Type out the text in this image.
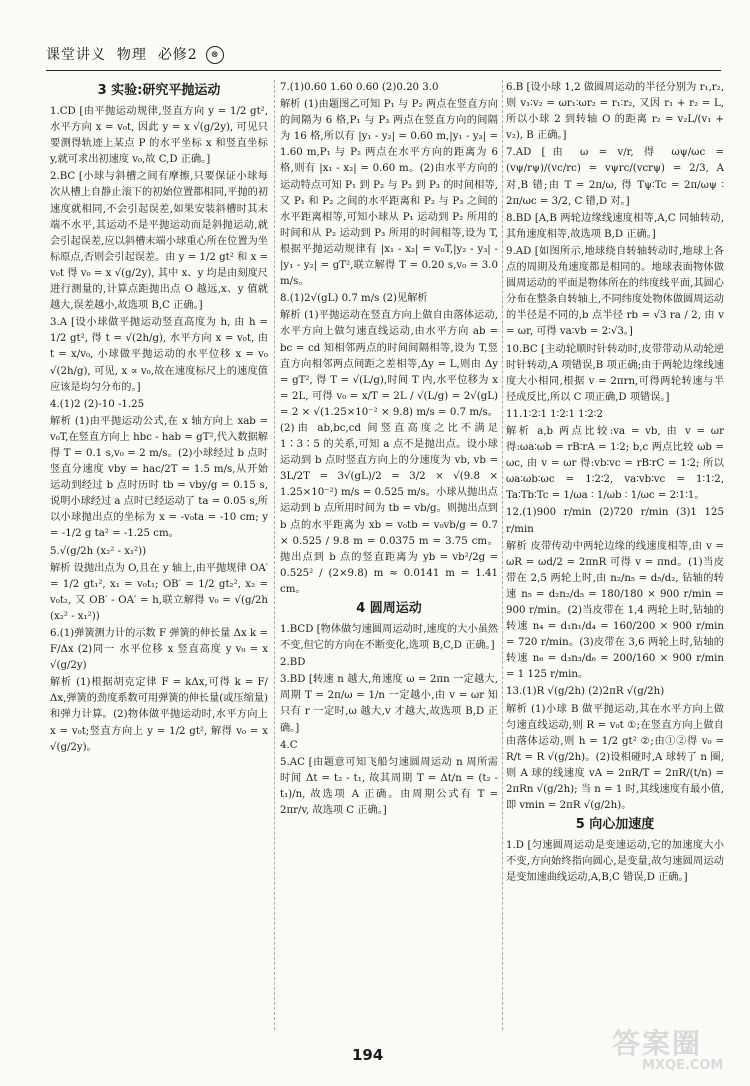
课堂讲义 物理 必修2 ⊗
3 实验:研究平抛运动
1.CD [由平抛运动规律,竖直方向 y = 1/2 gt², 水平方向 x = v₀t, 因此 y = x √(g/2y), 可见只要测得轨迹上某点 P 的水平坐标 x 和竖直坐标 y,就可求出初速度 v₀,故 C,D 正确。]
2.BC [小球与斜槽之间有摩擦,只要保证小球每次从槽上自静止滚下的初始位置都相同,平抛的初速度就相同,不会引起误差,如果安装斜槽时其末端不水平,其运动不是平抛运动而是斜抛运动,就会引起误差,应以斜槽末端小球重心所在位置为坐标原点,否则会引起误差。由 y = 1/2 gt² 和 x = v₀t 得 v₀ = x √(g/2y), 其中 x、y 均是由刻度尺进行测量的,计算点距抛出点 O 越远,x、y 值就越大,误差越小,故选项 B,C 正确。]
3.A [设小球做平抛运动竖直高度为 h, 由 h = 1/2 gt², 得 t = √(2h/g), 水平方向 x = v₀t, 由 t = x/v₀, 小球做平抛运动的水平位移 x = v₀ √(2h/g), 可见, x ∝ v₀,故在速度标尺上的速度值应该是均匀分布的。]
4.(1)2 (2)-10 -1.25
解析 (1)由平抛运动公式,在 x 轴方向上 xab = v₀T,在竖直方向上 hbc - hab = gT²,代入数据解得 T = 0.1 s,v₀ = 2 m/s。(2)小球经过 b 点时竖直分速度 vby = hac/2T = 1.5 m/s,从开始运动到经过 b 点时历时 tb = vby/g = 0.15 s,说明小球经过 a 点时已经运动了 ta = 0.05 s,所以小球抛出点的坐标为 x = -v₀ta = -10 cm; y = -1/2 g ta² = -1.25 cm。
5.√(g/2h (x₂² - x₁²))
解析 设抛出点为 O,且在 y 轴上,由平抛规律 OA′ = 1/2 gt₁², x₁ = v₀t₁; OB′ = 1/2 gt₂², x₂ = v₀t₂, 又 OB′ - OA′ = h,联立解得 v₀ = √(g/2h (x₂² - x₁²))
6.(1)弹簧测力计的示数 F 弹簧的伸长量 Δx k = F/Δx (2)同一 水平位移 x 竖直高度 y v₀ = x √(g/2y)
解析 (1)根据胡克定律 F = kΔx,可得 k = F/Δx,弹簧的劲度系数可用弹簧的伸长量(或压缩量)和弹力计算。(2)物体做平抛运动时,水平方向上 x = v₀t;竖直方向上 y = 1/2 gt², 解得 v₀ = x √(g/2y)。
7.(1)0.60 1.60 0.60 (2)0.20 3.0
解析 (1)由题图乙可知 P₁ 与 P₂ 两点在竖直方向的间隔为 6 格,P₁ 与 P₃ 两点在竖直方向的间隔为 16 格,所以有 |y₁ - y₂| = 0.60 m,|y₁ - y₃| = 1.60 m,P₁ 与 P₂ 两点在水平方向的距离为 6 格,则有 |x₁ - x₂| = 0.60 m。(2)由水平方向的运动特点可知 P₁ 到 P₂ 与 P₂ 到 P₃ 的时间相等,又 P₁ 和 P₂ 之间的水平距离和 P₂ 与 P₃ 之间的水平距离相等,可知小球从 P₁ 运动到 P₂ 所用的时间和从 P₂ 运动到 P₃ 所用的时间相等,设为 T,根据平抛运动规律有 |x₁ - x₂| = v₀T,|y₂ - y₃| - |y₁ - y₂| = gT²,联立解得 T = 0.20 s,v₀ = 3.0 m/s。
8.(1)2√(gL) 0.7 m/s (2)见解析
解析 (1)平抛运动在竖直方向上做自由落体运动,水平方向上做匀速直线运动,由水平方向 ab = bc = cd 知相邻两点的时间间隔相等,设为 T,竖直方向相邻两点间距之差相等,Δy = L,则由 Δy = gT², 得 T = √(L/g),时间 T 内,水平位移为 x = 2L, 可得 v₀ = x/T = 2L / √(L/g) = 2√(gL) = 2 × √(1.25×10⁻² × 9.8) m/s = 0.7 m/s。(2)由 ab,bc,cd 间竖直高度之比不满足 1∶3∶5 的关系,可知 a 点不是抛出点。设小球运动到 b 点时竖直方向上的分速度为 vb, vb = 3L/2T = 3√(gL)/2 = 3/2 × √(9.8 × 1.25×10⁻²) m/s = 0.525 m/s。小球从抛出点运动到 b 点所用时间为 tb = vb/g。则抛出点到 b 点的水平距离为 xb = v₀tb = v₀vb/g = 0.7 × 0.525 / 9.8 m = 0.0375 m = 3.75 cm。抛出点到 b 点的竖直距离为 yb = vb²/2g = 0.525² / (2×9.8) m ≈ 0.0141 m = 1.41 cm。
4 圆周运动
1.BCD [物体做匀速圆周运动时,速度的大小虽然不变,但它的方向在不断变化,选项 B,C,D 正确。]
2.BD
3.BD [转速 n 越大,角速度 ω = 2πn 一定越大,周期 T = 2π/ω = 1/n 一定越小,由 v = ωr 知只有 r 一定时,ω 越大,v 才越大,故选项 B,D 正确。]
4.C
5.AC [由题意可知飞船匀速圆周运动 n 周所需时间 Δt = t₂ - t₁, 故其周期 T = Δt/n = (t₂ - t₁)/n, 故选项 A 正确。由周期公式有 T = 2πr/v, 故选项 C 正确。]
6.B [设小球 1,2 做圆周运动的半径分别为 r₁,r₂,则 v₁∶v₂ = ωr₁∶ωr₂ = r₁∶r₂, 又因 r₁ + r₂ = L,所以小球 2 到转轴 O 的距离 r₂ = v₂L/(v₁ + v₂), B 正确。]
7.AD [由 ω = v/r, 得 ωψ/ωc = (vψ/rψ)/(vc/rc) = vψrc/(vcrψ) = 2/3, A 对,B 错;由 T = 2π/ω, 得 Tψ∶Tc = 2π/ωψ ∶ 2π/ωc = 3/2, C 错,D 对。]
8.BD [A,B 两轮边缘线速度相等,A,C 同轴转动,其角速度相等,故选项 B,D 正确。]
9.AD [如图所示,地球绕自转轴转动时,地球上各点的周期及角速度都是相同的。地球表面物体做圆周运动的平面是物体所在的纬度线平面,其圆心分布在整条自转轴上,不同纬度处物体做圆周运动的半径是不同的,b 点半径 rb = √3 ra / 2, 由 v = ωr, 可得 va∶vb = 2∶√3。]
10.BC [主动轮顺时针转动时,皮带带动从动轮逆时针转动,A 项错误,B 项正确;由于两轮边缘线速度大小相同,根据 v = 2πrn,可得两轮转速与半径成反比,所以 C 项正确,D 项错误。]
11.1∶2∶1 1∶2∶1 1∶2∶2
解析 a,b 两点比较:va = vb, 由 v = ωr 得:ωa∶ωb = rB∶rA = 1∶2; b,c 两点比较 ωb = ωc, 由 v = ωr 得:vb∶vc = rB∶rC = 1∶2; 所以 ωa∶ωb∶ωc = 1∶2∶2, va∶vb∶vc = 1∶1∶2, Ta∶Tb∶Tc = 1/ωa ∶ 1/ωb ∶ 1/ωc = 2∶1∶1。
12.(1)900 r/min (2)720 r/min (3)1 125 r/min
解析 皮带传动中两轮边缘的线速度相等,由 v = ωR = ωd/2 = 2πnR 可得 v = πnd。(1)当皮带在 2,5 两轮上时,由 n₂/n₅ = d₅/d₂, 钻轴的转速 n₅ = d₂n₂/d₅ = 180/180 × 900 r/min = 900 r/min。(2)当皮带在 1,4 两轮上时,钻轴的转速 n₄ = d₁n₁/d₄ = 160/200 × 900 r/min = 720 r/min。(3)皮带在 3,6 两轮上时,钻轴的转速 n₆ = d₃n₃/d₆ = 200/160 × 900 r/min = 1 125 r/min。
13.(1)R √(g/2h) (2)2πR √(g/2h)
解析 (1)小球 B 做平抛运动,其在水平方向上做匀速直线运动,则 R = v₀t ①;在竖直方向上做自由落体运动,则 h = 1/2 gt² ②;由①②得 v₀ = R/t = R √(g/2h)。(2)设相碰时,A 球转了 n 圈,则 A 球的线速度 vA = 2πR/T = 2πR/(t/n) = 2πRn √(g/2h); 当 n = 1 时,其线速度有最小值,即 vmin = 2πR √(g/2h)。
5 向心加速度
1.D [匀速圆周运动是变速运动,它的加速度大小不变,方向始终指向圆心,是变量,故匀速圆周运动是变加速曲线运动,A,B,C 错误,D 正确。]
194	答案圈
MXQE.COM
